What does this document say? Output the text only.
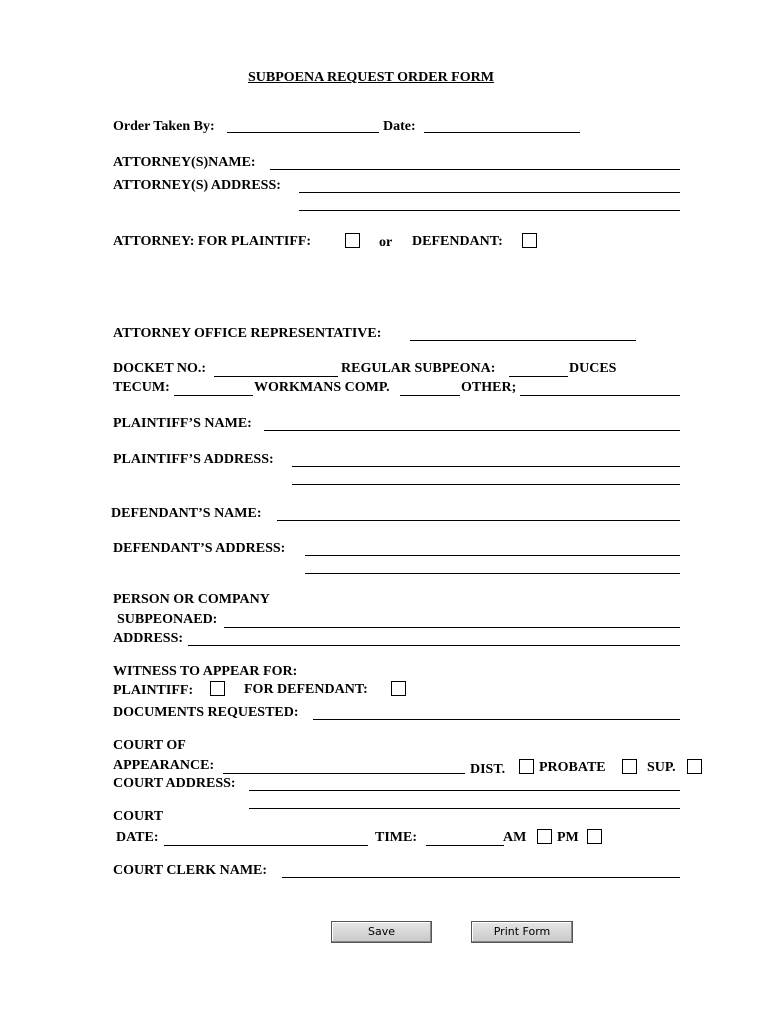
SUBPOENA REQUEST ORDER FORM
Order Taken By:	Date:
ATTORNEY(S)NAME:
ATTORNEY(S) ADDRESS:
ATTORNEY: FOR PLAINTIFF:	or DEFENDANT:
ATTORNEY OFFICE REPRESENTATIVE:
DOCKET NO.:	REGULAR SUBPEONA:	DUCES
TECUM:	WORKMANS COMP.	OTHER;
PLAINTIFF’S NAME:
PLAINTIFF’S ADDRESS:
DEFENDANT’S NAME:
DEFENDANT’S ADDRESS:
PERSON OR COMPANY
SUBPEONAED:
ADDRESS:
WITNESS TO APPEAR FOR:
PLAINTIFF:	FOR DEFENDANT:
DOCUMENTS REQUESTED:
COURT OF
APPEARANCE:	DIST. PROBATE	SUP.
COURT ADDRESS:
COURT
DATE:	TIME:	AM PM
COURT CLERK NAME:
Save	Print Form
